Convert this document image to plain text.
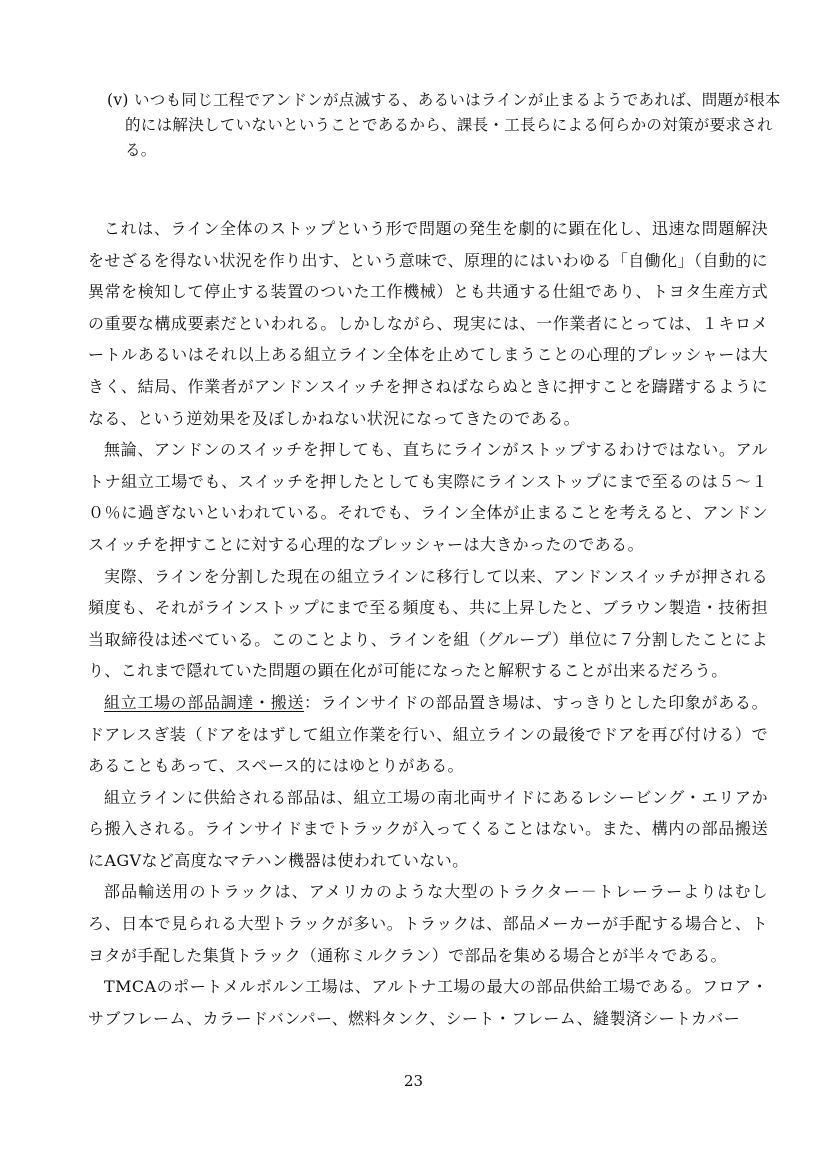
(v) いつも同じ工程でアンドンが点滅する、あるいはラインが止まるようであれば、問題が根本的には解決していないということであるから、課長・工長らによる何らかの対策が要求される。

これは、ライン全体のストップという形で問題の発生を劇的に顕在化し、迅速な問題解決をせざるを得ない状況を作り出す、という意味で、原理的にはいわゆる「自働化」（自動的に異常を検知して停止する装置のついた工作機械）とも共通する仕組であり、トヨタ生産方式の重要な構成要素だといわれる。しかしながら、現実には、一作業者にとっては、１キロメートルあるいはそれ以上ある組立ライン全体を止めてしまうことの心理的プレッシャーは大きく、結局、作業者がアンドンスイッチを押さねばならぬときに押すことを躊躇するようになる、という逆効果を及ぼしかねない状況になってきたのである。

無論、アンドンのスイッチを押しても、直ちにラインがストップするわけではない。アルトナ組立工場でも、スイッチを押したとしても実際にラインストップにまで至るのは５～１０％に過ぎないといわれている。それでも、ライン全体が止まることを考えると、アンドンスイッチを押すことに対する心理的なプレッシャーは大きかったのである。

実際、ラインを分割した現在の組立ラインに移行して以来、アンドンスイッチが押される頻度も、それがラインストップにまで至る頻度も、共に上昇したと、ブラウン製造・技術担当取締役は述べている。このことより、ラインを組（グループ）単位に７分割したことにより、これまで隠れていた問題の顕在化が可能になったと解釈することが出来るだろう。

組立工場の部品調達・搬送：ラインサイドの部品置き場は、すっきりとした印象がある。ドアレスぎ装（ドアをはずして組立作業を行い、組立ラインの最後でドアを再び付ける）であることもあって、スペース的にはゆとりがある。

組立ラインに供給される部品は、組立工場の南北両サイドにあるレシービング・エリアから搬入される。ラインサイドまでトラックが入ってくることはない。また、構内の部品搬送にAGVなど高度なマテハン機器は使われていない。

部品輸送用のトラックは、アメリカのような大型のトラクター－トレーラーよりはむしろ、日本で見られる大型トラックが多い。トラックは、部品メーカーが手配する場合と、トヨタが手配した集貨トラック（通称ミルクラン）で部品を集める場合とが半々である。

TMCAのポートメルボルン工場は、アルトナ工場の最大の部品供給工場である。フロア・サブフレーム、カラードバンパー、燃料タンク、シート・フレーム、縫製済シートカバー

23
